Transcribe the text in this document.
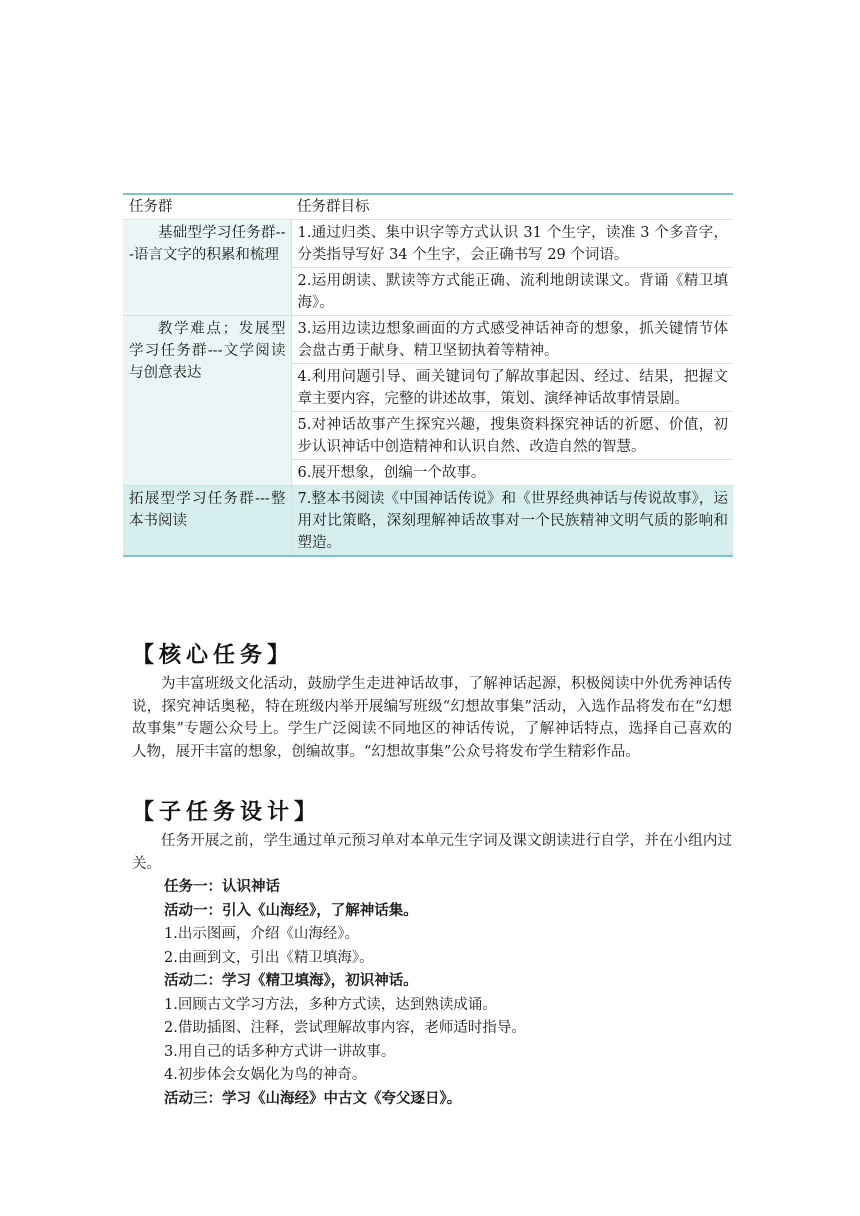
任务群	任务群目标

基础型学习任务群---语言文字的积累和梳理	1.通过归类、集中识字等方式认识 31 个生字，读准 3 个多音字，分类指导写好 34 个生字，会正确书写 29 个词语。
	2.运用朗读、默读等方式能正确、流利地朗读课文。背诵《精卫填海》。

教学难点；发展型学习任务群---文学阅读与创意表达	3.运用边读边想象画面的方式感受神话神奇的想象，抓关键情节体会盘古勇于献身、精卫坚韧执着等精神。
	4.利用问题引导、画关键词句了解故事起因、经过、结果，把握文章主要内容，完整的讲述故事，策划、演绎神话故事情景剧。
	5.对神话故事产生探究兴趣，搜集资料探究神话的祈愿、价值，初步认识神话中创造精神和认识自然、改造自然的智慧。
	6.展开想象，创编一个故事。
拓展型学习任务群---整本书阅读	7.整本书阅读《中国神话传说》和《世界经典神话与传说故事》，运用对比策略，深刻理解神话故事对一个民族精神文明气质的影响和塑造。
【核心任务】
为丰富班级文化活动，鼓励学生走进神话故事，了解神话起源，积极阅读中外优秀神话传说，探究神话奥秘，特在班级内举开展编写班级“幻想故事集”活动，入选作品将发布在“幻想故事集”专题公众号上。学生广泛阅读不同地区的神话传说，了解神话特点，选择自己喜欢的人物，展开丰富的想象，创编故事。“幻想故事集”公众号将发布学生精彩作品。
【子任务设计】
任务开展之前，学生通过单元预习单对本单元生字词及课文朗读进行自学，并在小组内过关。
任务一：认识神话
活动一：引入《山海经》，了解神话集。
1.出示图画，介绍《山海经》。
2.由画到文，引出《精卫填海》。
活动二：学习《精卫填海》，初识神话。
1.回顾古文学习方法，多种方式读，达到熟读成诵。
2.借助插图、注释，尝试理解故事内容，老师适时指导。
3.用自己的话多种方式讲一讲故事。
4.初步体会女娲化为鸟的神奇。
活动三：学习《山海经》中古文《夸父逐日》。
